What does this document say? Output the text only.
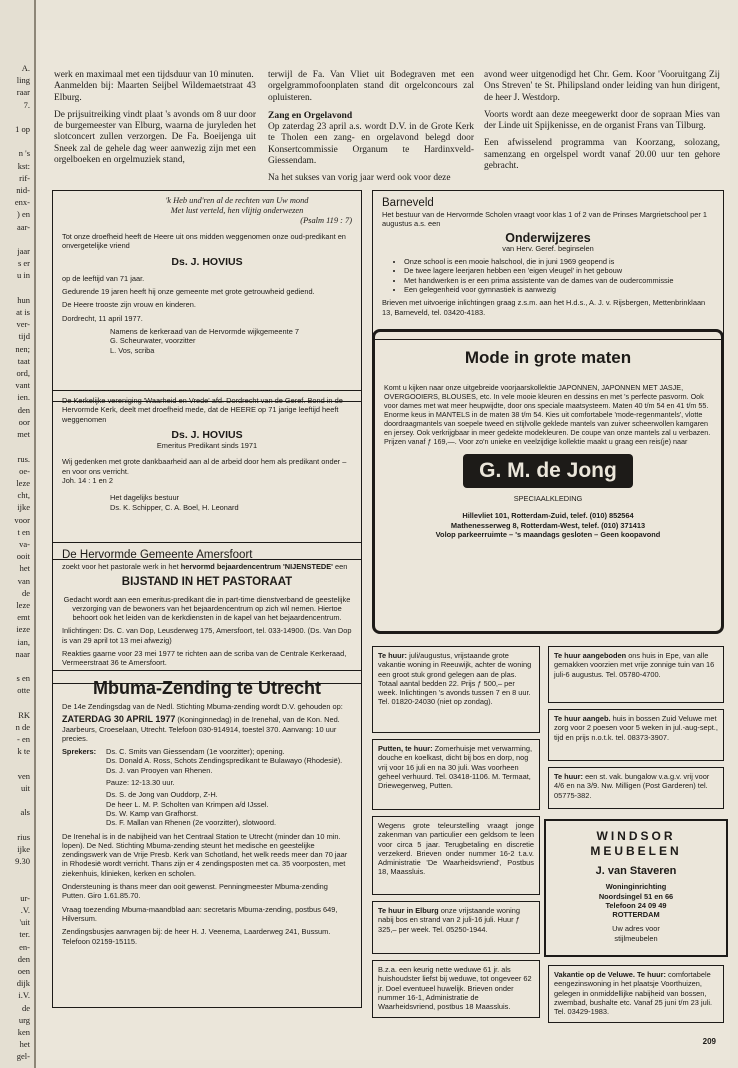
A.
ling
raar
7.

1 op

n 's
kst:
rif-
nid-
enx-
) en
aar-

jaar
s er
u in

hun
at is
ver-
tijd
nen;
taat
ord,
vant
ien.
den
oor
met

rus.
oe-
leze
cht,
ijke
voor
t en
va-
ooit
het
van
de
leze
emt
ieze
ian,
naar

s en
otte

RK
n de
- en
k te

ven
uit

als

rius
ijke
9.30

ur-
.V.
'uit
ter.
en-
den
oen
dijk
i.V.
de
urg
ken
het
gel-

werk en maximaal met een tijdsduur van 10 minuten.
Aanmelden bij: Maarten Seijbel Wildemaetstraat 43 Elburg.

De prijsuitreiking vindt plaat 's avonds om 8 uur door de burgemeester van Elburg, waarna de juryleden het slotconcert zullen verzorgen. De Fa. Boeijenga uit Sneek zal de gehele dag weer aanwezig zijn met een orgelboeken en orgelmuziek stand,

terwijl de Fa. Van Vliet uit Bodegraven met een orgelgrammofoonplaten stand dit orgelconcours zal opluisteren.

Zang en Orgelavond

Op zaterdag 23 april a.s. wordt D.V. in de Grote Kerk te Tholen een zang- en orgelavond belegd door Konsertcommissie Organum te Hardinxveld-Giessendam.

Na het sukses van vorig jaar werd ook voor deze

avond weer uitgenodigd het Chr. Gem. Koor 'Vooruitgang Zij Ons Streven' te St. Philipsland onder leiding van hun dirigent, de heer J. Westdorp.

Voorts wordt aan deze meegewerkt door de sopraan Mies van der Linde uit Spijkenisse, en de organist Frans van Tilburg.

Een afwisselend programma van Koorzang, solozang, samenzang en orgelspel wordt vanaf 20.00 uur ten gehore gebracht.

'k Heb und'ren al de rechten van Uw mond
Met lust verteld, hen vlijtig onderwezen
(Psalm 119 : 7)

Tot onze droefheid heeft de Heere uit ons midden weggenomen onze oud-predikant en onvergetelijke vriend

Ds. J. HOVIUS

op de leeftijd van 71 jaar.

Gedurende 19 jaren heeft hij onze gemeente met grote getrouwheid gediend.

De Heere trooste zijn vrouw en kinderen.

Dordrecht, 11 april 1977.

Namens de kerkeraad van de Hervormde wijkgemeente 7
G. Scheurwater, voorzitter
L. Vos, scriba

De Kerkelijke vereniging 'Waarheid en Vrede' afd. Dordrecht van de Geref. Bond in de Hervormde Kerk, deelt met droefheid mede, dat de HEERE op 71 jarige leeftijd heeft weggenomen

Ds. J. HOVIUS

Emeritus Predikant sinds 1971

Wij gedenken met grote dankbaarheid aan al de arbeid door hem als predikant onder – en voor ons verricht.

Joh. 14 : 1 en 2

Het dagelijks bestuur
Ds. K. Schipper, C. A. Boel, H. Leonard
De Hervormde Gemeente Amersfoort

zoekt voor het pastorale werk in het hervormd bejaardencentrum 'NIJENSTEDE' een

BIJSTAND IN HET PASTORAAT

Gedacht wordt aan een emeritus-predikant die in part-time dienstverband de geestelijke verzorging van de bewoners van het bejaardencentrum op zich wil nemen. Hiertoe behoort ook het leiden van de kerkdiensten in de kapel van het bejaardencentrum.

Inlichtingen: Ds. C. van Dop, Leusderweg 175, Amersfoort, tel. 033-14900. (Ds. Van Dop is van 29 april tot 13 mei afwezig)

Reakties gaarne voor 23 mei 1977 te richten aan de scriba van de Centrale Kerkeraad, Vermeerstraat 36 te Amersfoort.

Mbuma-Zending te Utrecht

De 14e Zendingsdag van de Nedl. Stichting Mbuma-zending wordt D.V. gehouden op:

ZATERDAG 30 APRIL 1977 (Koninginnedag) in de Irenehal, van de Kon. Ned. Jaarbeurs, Croeselaan, Utrecht. Telefoon 030-914914, toestel 370. Aanvang: 10 uur precies.

Sprekers: Ds. C. Smits van Giessendam (1e voorzitter); opening.
Ds. Donald A. Ross, Schots Zendingspredikant te Bulawayo (Rhodesië).
Ds. J. van Prooyen van Rhenen.
Pauze: 12-13.30 uur.
Ds. S. de Jong van Ouddorp, Z-H.
De heer L. M. P. Scholten van Krimpen a/d IJssel.
Ds. W. Kamp van Grafhorst.
Ds. F. Mallan van Rhenen (2e voorzitter), slotwoord.

De Irenehal is in de nabijheid van het Centraal Station te Utrecht (minder dan 10 min. lopen). De Ned. Stichting Mbuma-zending steunt het medische en geestelijke zendingswerk van de Vrije Presb. Kerk van Schotland, het welk reeds meer dan 70 jaar in Rhodesië wordt verricht. Thans zijn er 4 zendingsposten met ca. 35 voorposten, met ziekenhuis, klinieken, kerken en scholen.

Ondersteuning is thans meer dan ooit gewenst. Penningmeester Mbuma-zending Putten. Giro 1.61.85.70.

Vraag toezending Mbuma-maandblad aan: secretaris Mbuma-zending, postbus 649, Hilversum.

Zendingsbusjes aanvragen bij: de heer H. J. Veenema, Laarderweg 241, Bussum. Telefoon 02159-15115.

Barneveld

Het bestuur van de Hervormde Scholen vraagt voor klas 1 of 2 van de Prinses Margrietschool per 1 augustus a.s. een

Onderwijzeres

van Herv. Geref. beginselen

• Onze school is een mooie halschool, die in juni 1969 geopend is
• De twee lagere leerjaren hebben een 'eigen vleugel' in het gebouw
• Met handwerken is er een prima assistente van de dames van de oudercommissie
• Een gelegenheid voor gymnastiek is aanwezig

Brieven met uitvoerige inlichtingen graag z.s.m. aan het H.d.s., A. J. v. Rijsbergen, Mettenbrinklaan 13, Barneveld, tel. 03420-4183.

Mode in grote maten

Komt u kijken naar onze uitgebreide voorjaarskollektie JAPONNEN, JAPONNEN MET JASJE, OVERGOOIERS, BLOUSES, etc. In vele mooie kleuren en dessins en met 's perfecte pasvorm. Ook voor dames met wat meer heupwijdte, door ons speciale maatsysteem. Maten 40 t/m 54 en 41 t/m 55. Enorme keus in MANTELS in de maten 38 t/m 54. Kies uit comfortabele 'mode-regenmantels', vlotte doordraagmantels van soepele tweed en stijlvolle geklede mantels van zuiver scheerwollen kamgaren en jersey. Ook verkrijgbaar in meer gedekte modekleuren. De coupe van onze mantels zal u verbazen. Prijzen vanaf ƒ 169,—. Voor zo'n unieke en veelzijdige kollektie maakt u graag een reis(je) naar

G. M. de Jong

SPECIAALKLEDING

Hillevliet 101, Rotterdam-Zuid, telef. (010) 852564
Mathenesserweg 8, Rotterdam-West, telef. (010) 371413
Volop parkeerruimte – 's maandags gesloten – Geen koopavond
Te huur: juli/augustus, vrijstaande grote vakantie woning in Reeuwijk, achter de woning een groot stuk grond gelegen aan de plas. Totaal aantal bedden 22. Prijs ƒ 500,– per week. Inlichtingen 's avonds tussen 7 en 8 uur. Tel. 01820-24030 (niet op zondag).
Putten, te huur: Zomerhuisje met verwarming, douche en koelkast, dicht bij bos en dorp, nog vrij voor 16 juli en na 30 juli. Was voorheen geheel verhuurd. Tel. 03418-1106. M. Termaat, Driewegerweg, Putten.
Wegens grote teleurstelling vraagt jonge zakenman van particulier een geldsom te leen voor circa 5 jaar. Terugbetaling en discretie verzekerd. Brieven onder nummer 16-2 t.a.v. Administratie 'De Waarheidsvriend', Postbus 18, Maassluis.
Te huur in Elburg onze vrijstaande woning nabij bos en strand van 2 juli-16 juli. Huur ƒ 325,– per week. Tel. 05250-1944.
B.z.a. een keurig nette weduwe 61 jr. als huishoudster liefst bij weduwe, tot ongeveer 62 jr. Doel eventueel huwelijk. Brieven onder nummer 16-1, Administratie de Waarheidsvriend, postbus 18 Maassluis.
Te huur aangeboden ons huis in Epe, van alle gemakken voorzien met vrije zonnige tuin van 16 juli-6 augustus. Tel. 05780-4700.
Te huur aangeb. huis in bossen Zuid Veluwe met zorg voor 2 poesen voor 5 weken in jul.-aug-sept., tijd en prijs n.o.t.k. tel. 08373-3907.
Te huur: een st. vak. bungalow v.a.g.v. vrij voor 4/6 en na 3/9. Nw. Milligen (Post Garderen) tel. 05775-382.
WINDSOR
MEUBELEN
J. van Staveren
Woninginrichting
Noordsingel 51 en 66
Telefoon 24 09 49
ROTTERDAM
Uw adres voor
stijlmeubelen
Vakantie op de Veluwe. Te huur: comfortabele eengezinswoning in het plaatsje Voorthuizen, gelegen in onmiddellijke nabijheid van bossen, zwembad, bushalte etc. Vanaf 25 juni t/m 23 juli. Tel. 03429-1983.
209
